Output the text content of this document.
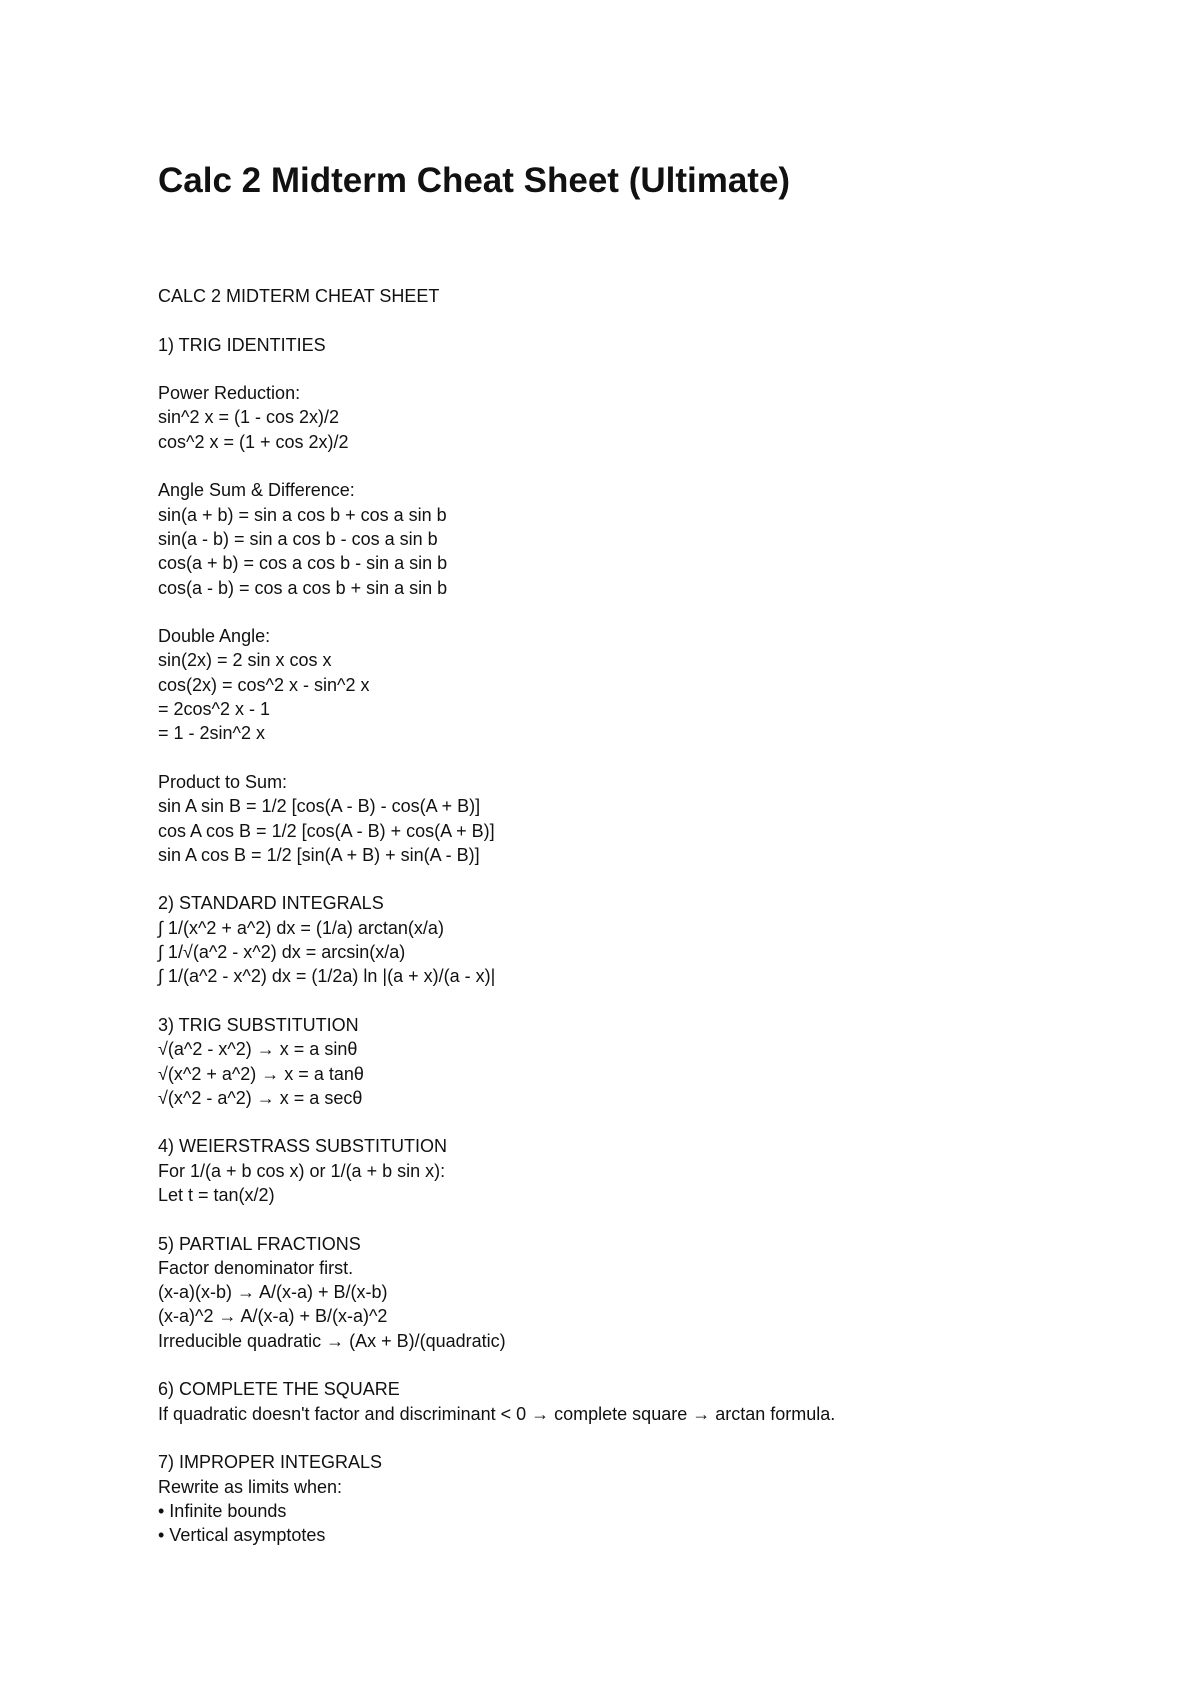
Calc 2 Midterm Cheat Sheet (Ultimate)
CALC 2 MIDTERM CHEAT SHEET
1) TRIG IDENTITIES
Power Reduction:
sin^2 x = (1 - cos 2x)/2
cos^2 x = (1 + cos 2x)/2
Angle Sum & Difference:
sin(a + b) = sin a cos b + cos a sin b
sin(a - b) = sin a cos b - cos a sin b
cos(a + b) = cos a cos b - sin a sin b
cos(a - b) = cos a cos b + sin a sin b
Double Angle:
sin(2x) = 2 sin x cos x
cos(2x) = cos^2 x - sin^2 x
= 2cos^2 x - 1
= 1 - 2sin^2 x
Product to Sum:
sin A sin B = 1/2 [cos(A - B) - cos(A + B)]
cos A cos B = 1/2 [cos(A - B) + cos(A + B)]
sin A cos B = 1/2 [sin(A + B) + sin(A - B)]
2) STANDARD INTEGRALS
∫ 1/(x^2 + a^2) dx = (1/a) arctan(x/a)
∫ 1/√(a^2 - x^2) dx = arcsin(x/a)
∫ 1/(a^2 - x^2) dx = (1/2a) ln |(a + x)/(a - x)|
3) TRIG SUBSTITUTION
√(a^2 - x^2) → x = a sinθ
√(x^2 + a^2) → x = a tanθ
√(x^2 - a^2) → x = a secθ
4) WEIERSTRASS SUBSTITUTION
For 1/(a + b cos x) or 1/(a + b sin x):
Let t = tan(x/2)
5) PARTIAL FRACTIONS
Factor denominator first.
(x-a)(x-b) → A/(x-a) + B/(x-b)
(x-a)^2 → A/(x-a) + B/(x-a)^2
Irreducible quadratic → (Ax + B)/(quadratic)
6) COMPLETE THE SQUARE
If quadratic doesn't factor and discriminant < 0 → complete square → arctan formula.
7) IMPROPER INTEGRALS
Rewrite as limits when:
• Infinite bounds
• Vertical asymptotes
